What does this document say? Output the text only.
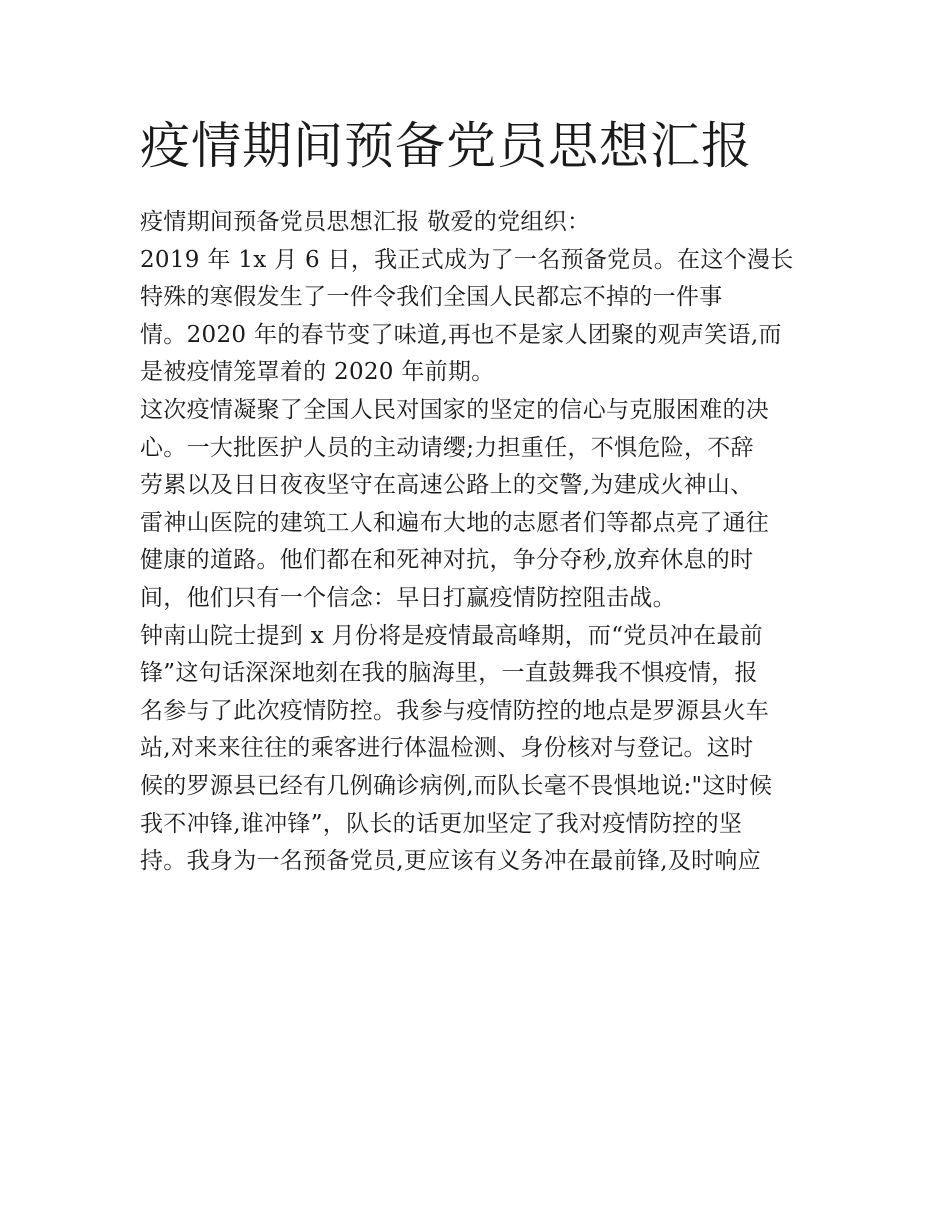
疫情期间预备党员思想汇报
疫情期间预备党员思想汇报 敬爱的党组织：
2019 年 1x 月 6 日，我正式成为了一名预备党员。在这个漫长
特殊的寒假发生了一件令我们全国人民都忘不掉的一件事
情。2020 年的春节变了味道,再也不是家人团聚的观声笑语,而
是被疫情笼罩着的 2020 年前期。
这次疫情凝聚了全国人民对国家的坚定的信心与克服困难的决
心。一大批医护人员的主动请缨;力担重任，不惧危险，不辞
劳累以及日日夜夜坚守在高速公路上的交警,为建成火神山、
雷神山医院的建筑工人和遍布大地的志愿者们等都点亮了通往
健康的道路。他们都在和死神对抗，争分夺秒,放弃休息的时
间，他们只有一个信念：早日打赢疫情防控阻击战。
钟南山院士提到 x 月份将是疫情最高峰期，而“党员冲在最前
锋”这句话深深地刻在我的脑海里，一直鼓舞我不惧疫情，报
名参与了此次疫情防控。我参与疫情防控的地点是罗源县火车
站,对来来往往的乘客进行体温检测、身份核对与登记。这时
候的罗源县已经有几例确诊病例,而队长毫不畏惧地说:"这时候
我不冲锋,谁冲锋”，队长的话更加坚定了我对疫情防控的坚
持。我身为一名预备党员,更应该有义务冲在最前锋,及时响应
